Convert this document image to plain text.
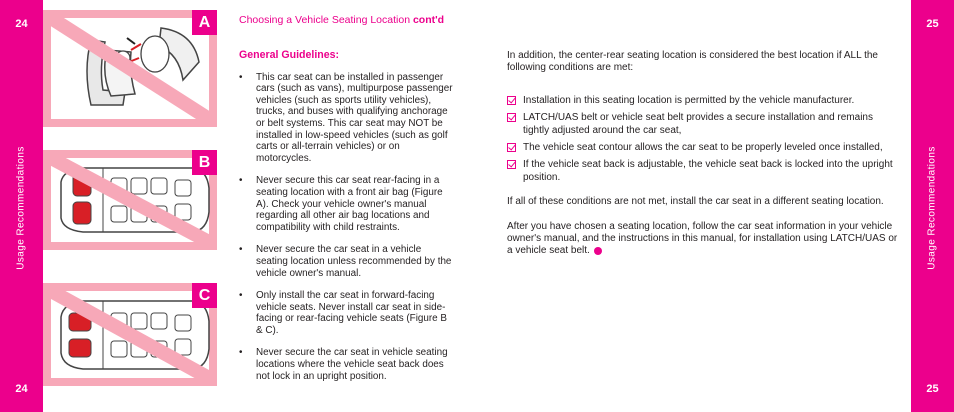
24
Usage Recommendations
24
25
Usage Recommendations
25
A
B
C
Choosing a Vehicle Seating Location cont'd
General Guidelines:
• This car seat can be installed in passenger cars (such as vans), multipurpose passenger vehicles (such as sports utility vehicles), trucks, and buses with qualifying anchorage or belt systems. This car seat may NOT be installed in low-speed vehicles (such as golf carts or all-terrain vehicles) or on motorcycles.
• Never secure this car seat rear-facing in a seating location with a front air bag (Figure A). Check your vehicle owner's manual regarding all other air bag locations and compatibility with child restraints.
• Never secure the car seat in a vehicle seating location unless recommended by the vehicle owner's manual.
• Only install the car seat in forward-facing vehicle seats. Never install car seat in side-facing or rear-facing vehicle seats (Figure B & C).
• Never secure the car seat in vehicle seating locations where the vehicle seat back does not lock in an upright position.

In addition, the center-rear seating location is considered the best location if ALL the following conditions are met:

Installation in this seating location is permitted by the vehicle manufacturer.
LATCH/UAS belt or vehicle seat belt provides a secure installation and remains tightly adjusted around the car seat,
The vehicle seat contour allows the car seat to be properly leveled once installed,
If the vehicle seat back is adjustable, the vehicle seat back is locked into the upright position.

If all of these conditions are not met, install the car seat in a different seating location.

After you have chosen a seating location, follow the car seat information in your vehicle owner's manual, and the instructions in this manual, for installation using LATCH/UAS or a vehicle seat belt.
